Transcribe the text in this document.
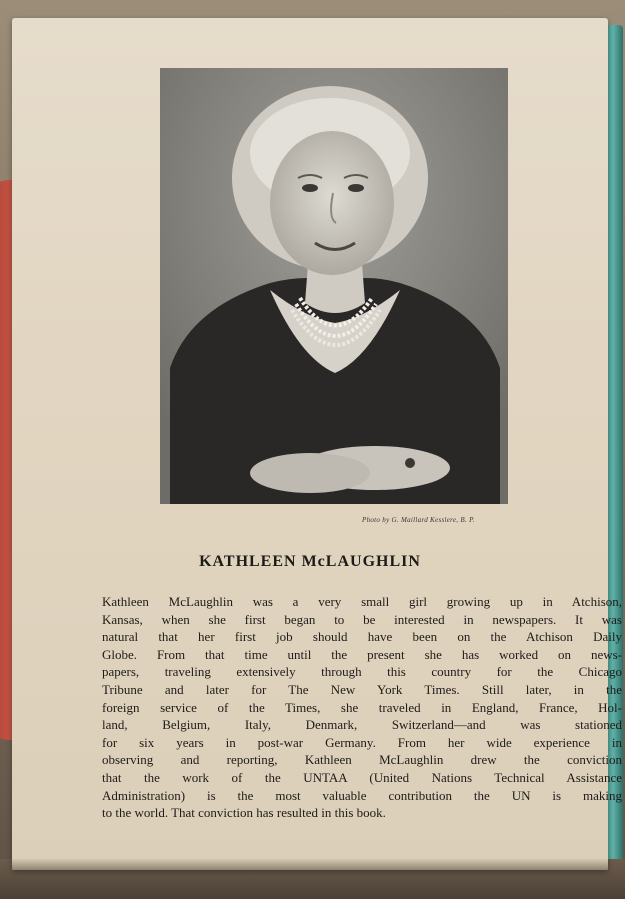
Photo by G. Maillard Kesslere, B. P.
KATHLEEN McLAUGHLIN
Kathleen McLaughlin was a very small girl growing up in Atchison,
Kansas, when she first began to be interested in newspapers. It was
natural that her first job should have been on the Atchison Daily
Globe. From that time until the present she has worked on news-
papers, traveling extensively through this country for the Chicago
Tribune and later for The New York Times. Still later, in the
foreign service of the Times, she traveled in England, France, Hol-
land, Belgium, Italy, Denmark, Switzerland—and was stationed
for six years in post-war Germany. From her wide experience in
observing and reporting, Kathleen McLaughlin drew the conviction
that the work of the UNTAA (United Nations Technical Assistance
Administration) is the most valuable contribution the UN is making
to the world. That conviction has resulted in this book.
